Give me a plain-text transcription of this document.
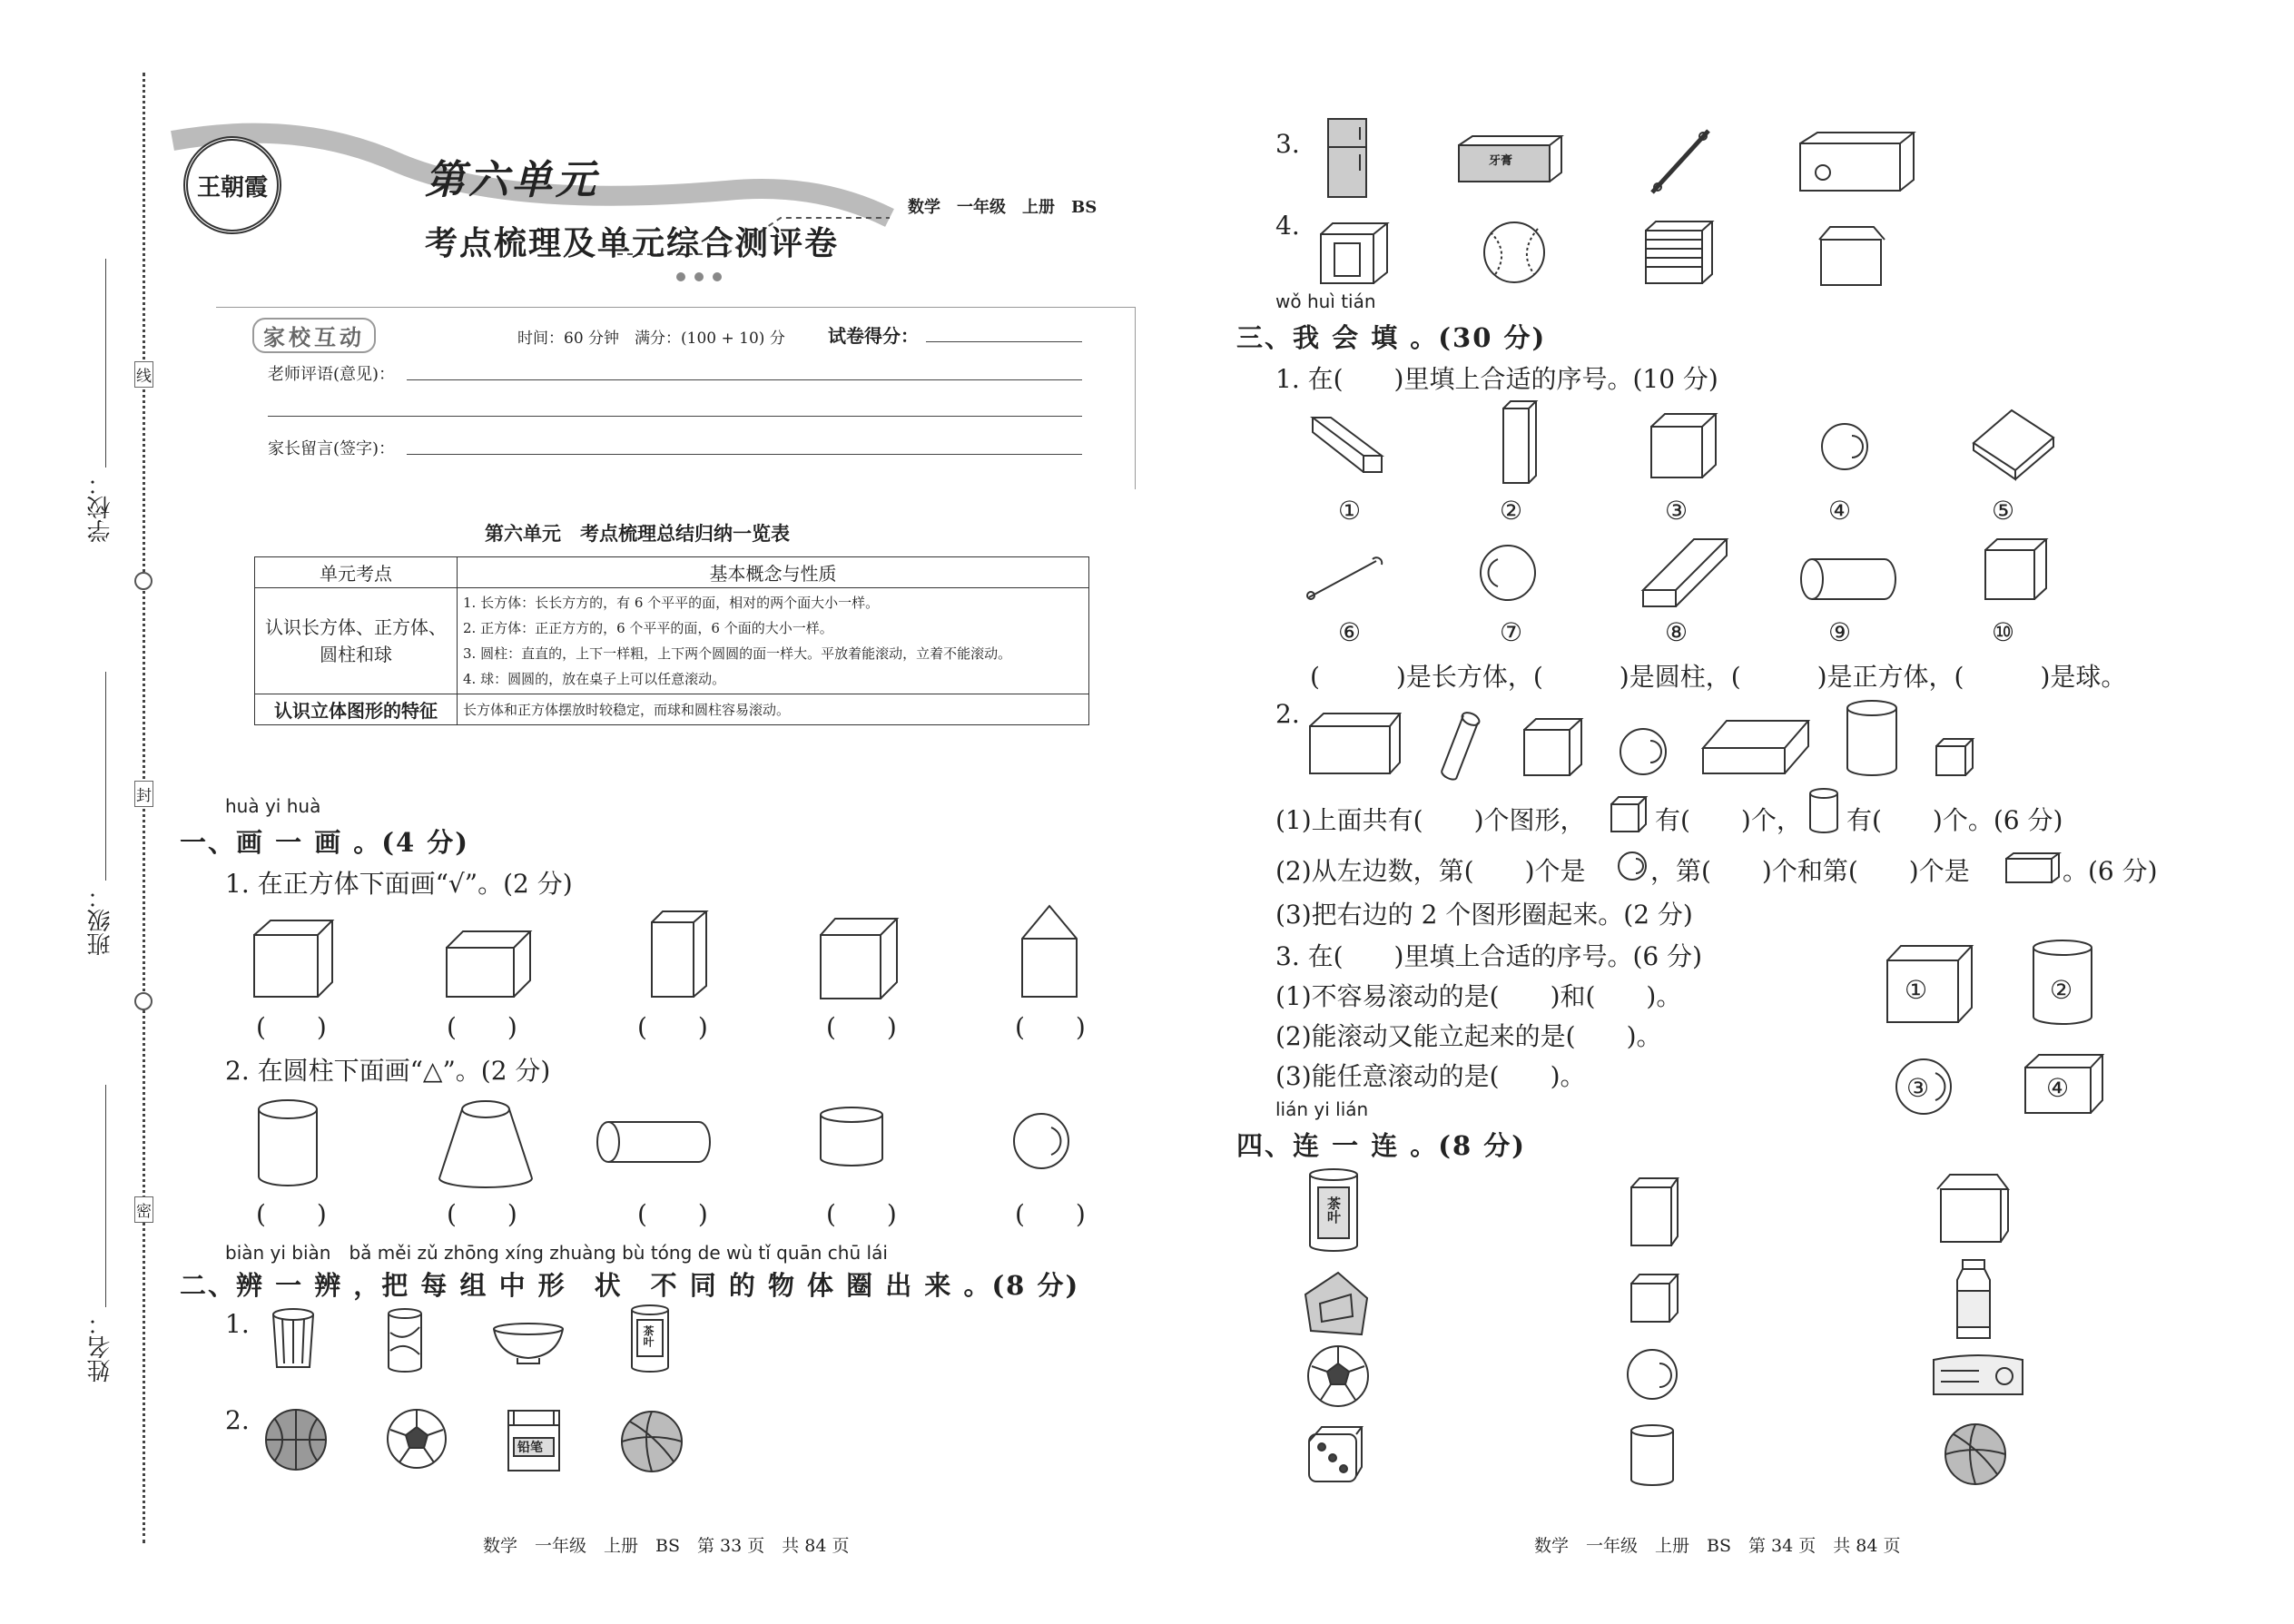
学校：
班级：
姓名：
线
封
密
王朝霞	第六单元
考点梳理及单元综合测评卷
数学　一年级　上册　BS
家校互动	时间：60 分钟　满分：(100 + 10) 分 试卷得分：
老师评语(意见)：
家长留言(签字)：
第六单元　考点梳理总结归纳一览表
单元考点	基本概念与性质
认识长方体、正方体、圆柱和球	1. 长方体：长长方方的，有 6 个平平的面，相对的两个面大小一样。
2. 正方体：正正方方的，6 个平平的面，6 个面的大小一样。
3. 圆柱：直直的，上下一样粗，上下两个圆圆的面一样大。平放着能滚动，立着不能滚动。
4. 球：圆圆的，放在桌子上可以任意滚动。

认识立体图形的特征	长方体和正方体摆放时较稳定，而球和圆柱容易滚动。
huà yi huà
一、画 一 画 。(4 分)
1. 在正方体下面画“√”。(2 分)
(　　)	(　　)	(　　)	(　　)	(　　)
2. 在圆柱下面画“△”。(2 分)
(　　)	(　　)	(　　)	(　　)	(　　)
biàn yi biàn　bǎ měi zǔ zhōng xíng zhuàng bù tóng de wù tǐ quān chū lái
二、辨 一 辨 ，把 每 组 中 形　状　不 同 的 物 体 圈 出 来 。(8 分)
1.	茶叶
2.
铅笔
3.
牙膏
4.
wǒ huì tián
三、我 会 填 。(30 分)
1. 在(　　)里填上合适的序号。(10 分)
①	②	③	④	⑤
⑥	⑦	⑧	⑨	⑩
(　　　)是长方体，(　　　)是圆柱，(　　　)是正方体，(　　　)是球。
2.
(1)上面共有(　　)个图形，	有(　　)个， 有(　　)个。(6 分)
(2)从左边数，第(　　)个是	，第(　　)个和第(　　)个是	。(6 分)
(3)把右边的 2 个图形圈起来。(2 分)
3. 在(　　)里填上合适的序号。(6 分)
(1)不容易滚动的是(　　)和(　　)。
(2)能滚动又能立起来的是(　　)。
(3)能任意滚动的是(　　)。
①	②
③	④
lián yi lián
四、连 一 连 。(8 分)
茶叶
数学　一年级　上册　BS　第 33 页　共 84 页	数学　一年级　上册　BS　第 34 页　共 84 页
